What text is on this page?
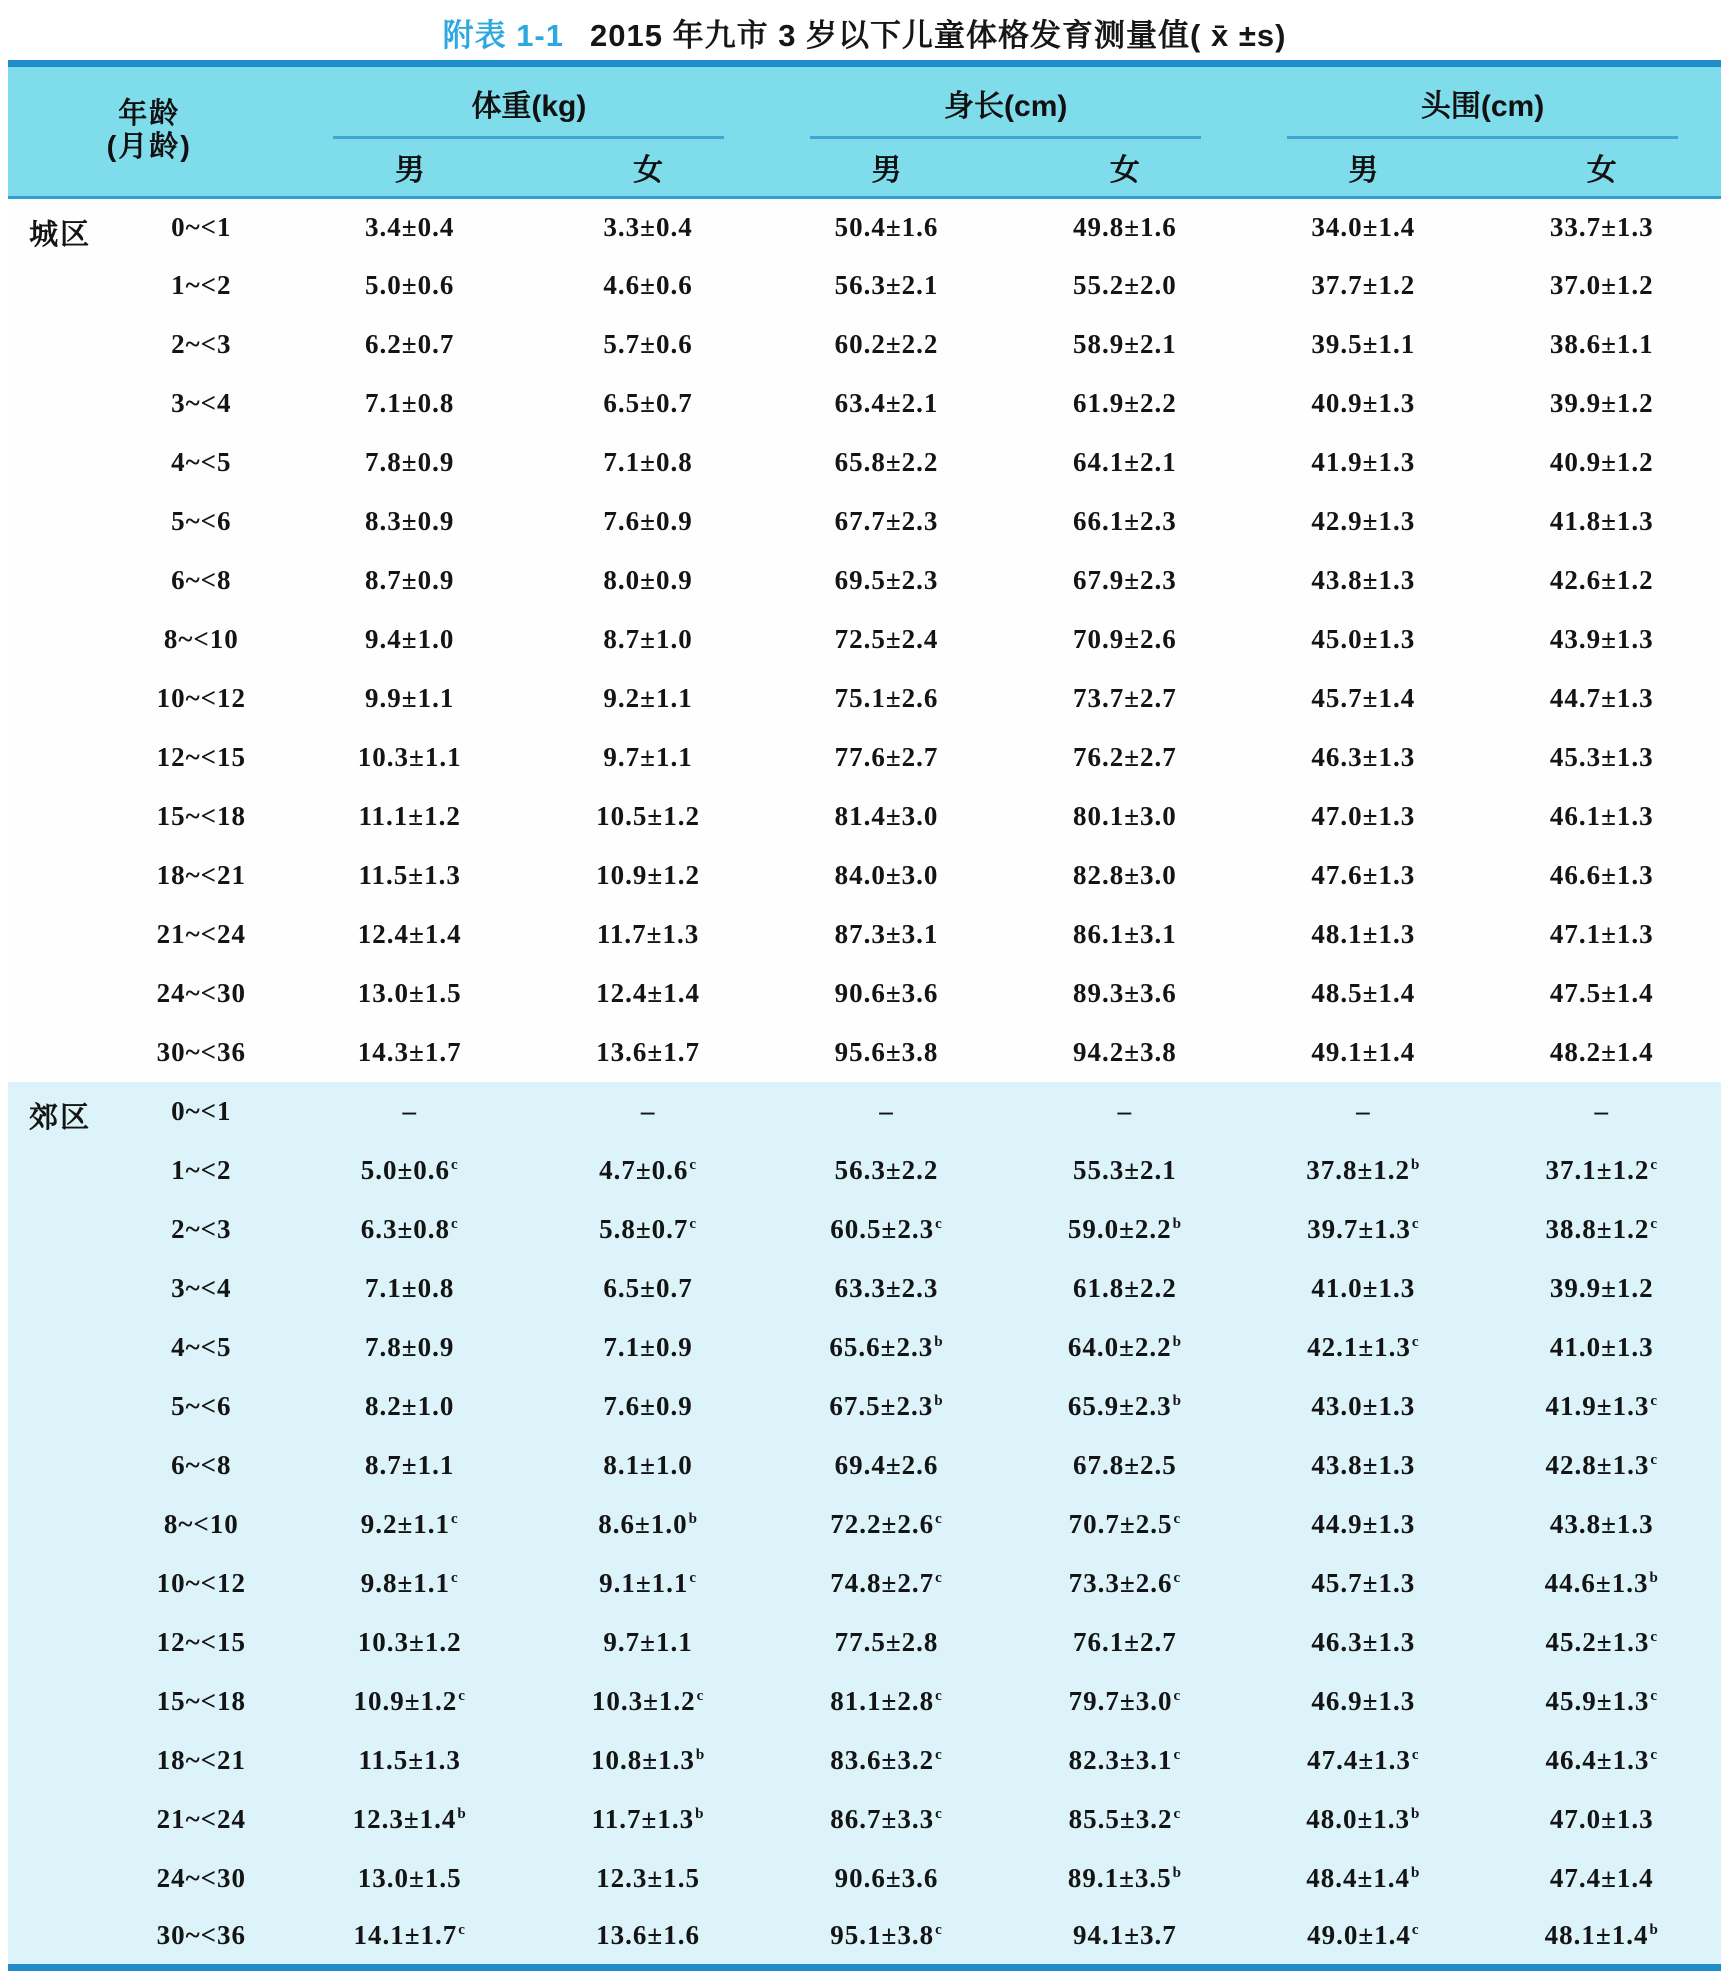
附表 1-1 2015 年九市 3 岁以下儿童体格发育测量值( x̄ ±s)
年龄
(月龄)		体重(kg)		身长(cm)		头围(cm)	
		男	女	男	女	男	女
城区	0~<1	3.4±0.4	3.3±0.4	50.4±1.6	49.8±1.6	34.0±1.4	33.7±1.3
	1~<2	5.0±0.6	4.6±0.6	56.3±2.1	55.2±2.0	37.7±1.2	37.0±1.2
	2~<3	6.2±0.7	5.7±0.6	60.2±2.2	58.9±2.1	39.5±1.1	38.6±1.1
	3~<4	7.1±0.8	6.5±0.7	63.4±2.1	61.9±2.2	40.9±1.3	39.9±1.2
	4~<5	7.8±0.9	7.1±0.8	65.8±2.2	64.1±2.1	41.9±1.3	40.9±1.2
	5~<6	8.3±0.9	7.6±0.9	67.7±2.3	66.1±2.3	42.9±1.3	41.8±1.3
	6~<8	8.7±0.9	8.0±0.9	69.5±2.3	67.9±2.3	43.8±1.3	42.6±1.2
	8~<10	9.4±1.0	8.7±1.0	72.5±2.4	70.9±2.6	45.0±1.3	43.9±1.3
	10~<12	9.9±1.1	9.2±1.1	75.1±2.6	73.7±2.7	45.7±1.4	44.7±1.3
	12~<15	10.3±1.1	9.7±1.1	77.6±2.7	76.2±2.7	46.3±1.3	45.3±1.3
	15~<18	11.1±1.2	10.5±1.2	81.4±3.0	80.1±3.0	47.0±1.3	46.1±1.3
	18~<21	11.5±1.3	10.9±1.2	84.0±3.0	82.8±3.0	47.6±1.3	46.6±1.3
	21~<24	12.4±1.4	11.7±1.3	87.3±3.1	86.1±3.1	48.1±1.3	47.1±1.3
	24~<30	13.0±1.5	12.4±1.4	90.6±3.6	89.3±3.6	48.5±1.4	47.5±1.4
	30~<36	14.3±1.7	13.6±1.7	95.6±3.8	94.2±3.8	49.1±1.4	48.2±1.4
郊区	0~<1	–	–	–	–	–	–
	1~<2	5.0±0.6$^c$	4.7±0.6$^c$	56.3±2.2	55.3±2.1	37.8±1.2$^b$	37.1±1.2$^c$
	2~<3	6.3±0.8$^c$	5.8±0.7$^c$	60.5±2.3$^c$	59.0±2.2$^b$	39.7±1.3$^c$	38.8±1.2$^c$
	3~<4	7.1±0.8	6.5±0.7	63.3±2.3	61.8±2.2	41.0±1.3	39.9±1.2
	4~<5	7.8±0.9	7.1±0.9	65.6±2.3$^b$	64.0±2.2$^b$	42.1±1.3$^c$	41.0±1.3
	5~<6	8.2±1.0	7.6±0.9	67.5±2.3$^b$	65.9±2.3$^b$	43.0±1.3	41.9±1.3$^c$
	6~<8	8.7±1.1	8.1±1.0	69.4±2.6	67.8±2.5	43.8±1.3	42.8±1.3$^c$
	8~<10	9.2±1.1$^c$	8.6±1.0$^b$	72.2±2.6$^c$	70.7±2.5$^c$	44.9±1.3	43.8±1.3
	10~<12	9.8±1.1$^c$	9.1±1.1$^c$	74.8±2.7$^c$	73.3±2.6$^c$	45.7±1.3	44.6±1.3$^b$
	12~<15	10.3±1.2	9.7±1.1	77.5±2.8	76.1±2.7	46.3±1.3	45.2±1.3$^c$
	15~<18	10.9±1.2$^c$	10.3±1.2$^c$	81.1±2.8$^c$	79.7±3.0$^c$	46.9±1.3	45.9±1.3$^c$
	18~<21	11.5±1.3	10.8±1.3$^b$	83.6±3.2$^c$	82.3±3.1$^c$	47.4±1.3$^c$	46.4±1.3$^c$
	21~<24	12.3±1.4$^b$	11.7±1.3$^b$	86.7±3.3$^c$	85.5±3.2$^c$	48.0±1.3$^b$	47.0±1.3
	24~<30	13.0±1.5	12.3±1.5	90.6±3.6	89.1±3.5$^b$	48.4±1.4$^b$	47.4±1.4
	30~<36	14.1±1.7$^c$	13.6±1.6	95.1±3.8$^c$	94.1±3.7	49.0±1.4$^c$	48.1±1.4$^b$
